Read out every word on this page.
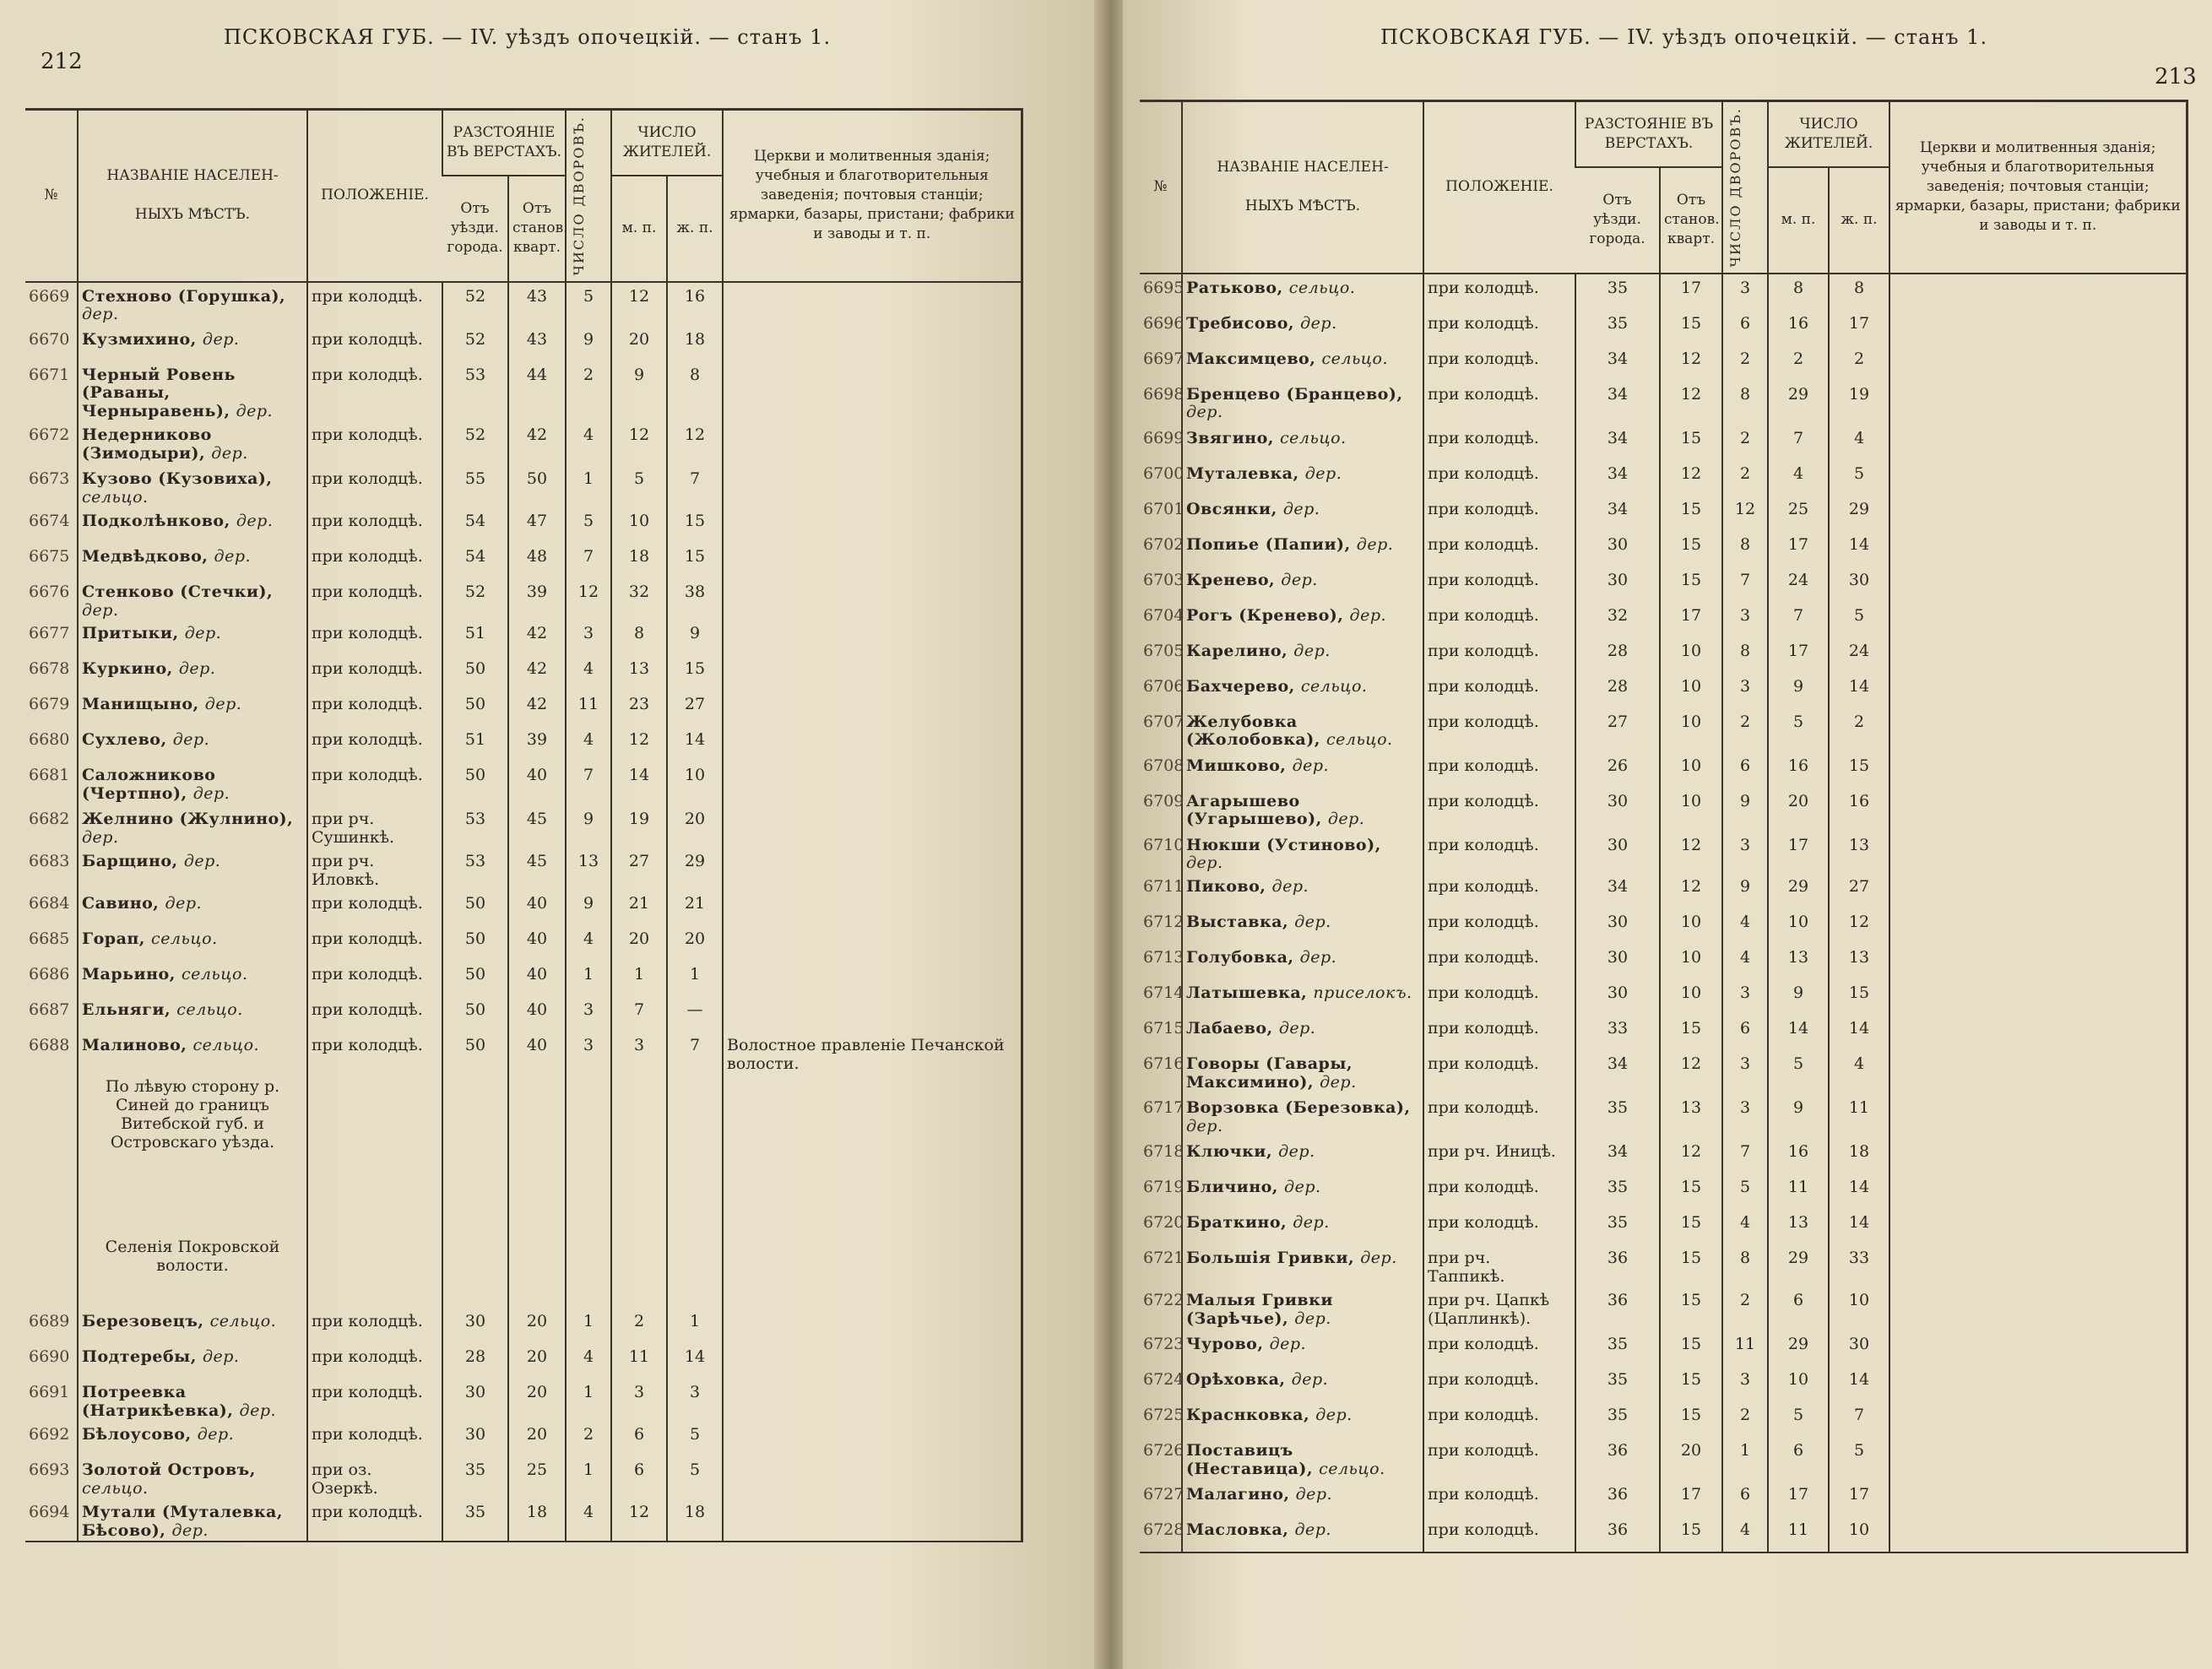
212
ПСКОВСКАЯ ГУБ. — IV. уѣздъ опочецкій. — станъ 1.
№	НАЗВАНІЕ НАСЕЛЕН-

НЫХЪ МѢСТЪ.	ПОЛОЖЕНІЕ.	РАЗСТОЯНІЕ ВЪ ВЕРСТАХЪ.		ЧИСЛО ДВОРОВЪ.	ЧИСЛО ЖИТЕЛЕЙ.		Церкви и молитвенныя зданія; учебныя и благотворительныя заведенія; почтовыя станціи; ярмарки, базары, пристани; фабрики и заводы и т. п.
			Отъ уѣзди. города.	Отъ станов. кварт.		м. п.	ж. п.	
6669	Стехново (Горушка), дер.	при колодцѣ.	52	43	5	12	16	
6670	Кузмихино, дер.	при колодцѣ.	52	43	9	20	18	
6671	Черный Ровень (Раваны, Черныравень), дер.	при колодцѣ.	53	44	2	9	8	
6672	Недерниково (Зимодыри), дер.	при колодцѣ.	52	42	4	12	12	
6673	Кузово (Кузовиха), сельцо.	при колодцѣ.	55	50	1	5	7	
6674	Подколѣнково, дер.	при колодцѣ.	54	47	5	10	15	
6675	Медвѣдково, дер.	при колодцѣ.	54	48	7	18	15	
6676	Стенково (Стечки), дер.	при колодцѣ.	52	39	12	32	38	
6677	Притыки, дер.	при колодцѣ.	51	42	3	8	9	
6678	Куркино, дер.	при колодцѣ.	50	42	4	13	15	
6679	Манищыно, дер.	при колодцѣ.	50	42	11	23	27	
6680	Сухлево, дер.	при колодцѣ.	51	39	4	12	14	
6681	Саложниково (Чертпно), дер.	при колодцѣ.	50	40	7	14	10	
6682	Желнино (Жулнино), дер.	при рч. Сушинкѣ.	53	45	9	19	20	
6683	Барщино, дер.	при рч. Иловкѣ.	53	45	13	27	29	
6684	Савино, дер.	при колодцѣ.	50	40	9	21	21	
6685	Горап, сельцо.	при колодцѣ.	50	40	4	20	20	
6686	Марьино, сельцо.	при колодцѣ.	50	40	1	1	1	
6687	Ельняги, сельцо.	при колодцѣ.	50	40	3	7	—	
6688	Малиново, сельцо.	при колодцѣ.	50	40	3	3	7	Волостное правленіе Печанской волости.
	По лѣвую сторону р. Синей до границъ Витебской губ. и Островскаго уѣзда.							
	Селенія Покровской волости.							
6689	Березовецъ, сельцо.	при колодцѣ.	30	20	1	2	1	
6690	Подтеребы, дер.	при колодцѣ.	28	20	4	11	14	
6691	Потреевка (Натрикѣевка), дер.	при колодцѣ.	30	20	1	3	3	
6692	Бѣлоусово, дер.	при колодцѣ.	30	20	2	6	5	
6693	Золотой Островъ, сельцо.	при оз. Озеркѣ.	35	25	1	6	5	
6694	Мутали (Муталевка, Бѣсово), дер.	при колодцѣ.	35	18	4	12	18	
ПСКОВСКАЯ ГУБ. — IV. уѣздъ опочецкій. — станъ 1.
213
№	НАЗВАНІЕ НАСЕЛЕН-

НЫХЪ МѢСТЪ.	ПОЛОЖЕНІЕ.	РАЗСТОЯНІЕ ВЪ ВЕРСТАХЪ.		ЧИСЛО ДВОРОВЪ.	ЧИСЛО ЖИТЕЛЕЙ.		Церкви и молитвенныя зданія; учебныя и благотворительныя заведенія; почтовыя станціи; ярмарки, базары, пристани; фабрики и заводы и т. п.
			Отъ уѣзди. города.	Отъ станов. кварт.		м. п.	ж. п.	
6695	Ратьково, сельцо.	при колодцѣ.	35	17	3	8	8	
6696	Требисово, дер.	при колодцѣ.	35	15	6	16	17	
6697	Максимцево, сельцо.	при колодцѣ.	34	12	2	2	2	
6698	Бренцево (Бранцево), дер.	при колодцѣ.	34	12	8	29	19	
6699	Звягино, сельцо.	при колодцѣ.	34	15	2	7	4	
6700	Муталевка, дер.	при колодцѣ.	34	12	2	4	5	
6701	Овсянки, дер.	при колодцѣ.	34	15	12	25	29	
6702	Попиье (Папии), дер.	при колодцѣ.	30	15	8	17	14	
6703	Кренево, дер.	при колодцѣ.	30	15	7	24	30	
6704	Рогъ (Кренево), дер.	при колодцѣ.	32	17	3	7	5	
6705	Карелино, дер.	при колодцѣ.	28	10	8	17	24	
6706	Бахчерево, сельцо.	при колодцѣ.	28	10	3	9	14	
6707	Желубовка (Жолобовка), сельцо.	при колодцѣ.	27	10	2	5	2	
6708	Мишково, дер.	при колодцѣ.	26	10	6	16	15	
6709	Агарышево (Угарышево), дер.	при колодцѣ.	30	10	9	20	16	
6710	Нюкши (Устиново), дер.	при колодцѣ.	30	12	3	17	13	
6711	Пиково, дер.	при колодцѣ.	34	12	9	29	27	
6712	Выставка, дер.	при колодцѣ.	30	10	4	10	12	
6713	Голубовка, дер.	при колодцѣ.	30	10	4	13	13	
6714	Латышевка, приселокъ.	при колодцѣ.	30	10	3	9	15	
6715	Лабаево, дер.	при колодцѣ.	33	15	6	14	14	
6716	Говоры (Гавары, Максимино), дер.	при колодцѣ.	34	12	3	5	4	
6717	Ворзовка (Березовка), дер.	при колодцѣ.	35	13	3	9	11	
6718	Ключки, дер.	при рч. Иницѣ.	34	12	7	16	18	
6719	Бличино, дер.	при колодцѣ.	35	15	5	11	14	
6720	Браткино, дер.	при колодцѣ.	35	15	4	13	14	
6721	Большія Гривки, дер.	при рч. Таппикѣ.	36	15	8	29	33	
6722	Малыя Гривки (Зарѣчье), дер.	при рч. Цапкѣ (Цаплинкѣ).	36	15	2	6	10	
6723	Чурово, дер.	при колодцѣ.	35	15	11	29	30	
6724	Орѣховка, дер.	при колодцѣ.	35	15	3	10	14	
6725	Краснковка, дер.	при колодцѣ.	35	15	2	5	7	
6726	Поставицъ (Неставица), сельцо.	при колодцѣ.	36	20	1	6	5	
6727	Малагино, дер.	при колодцѣ.	36	17	6	17	17	
6728	Масловка, дер.	при колодцѣ.	36	15	4	11	10	
